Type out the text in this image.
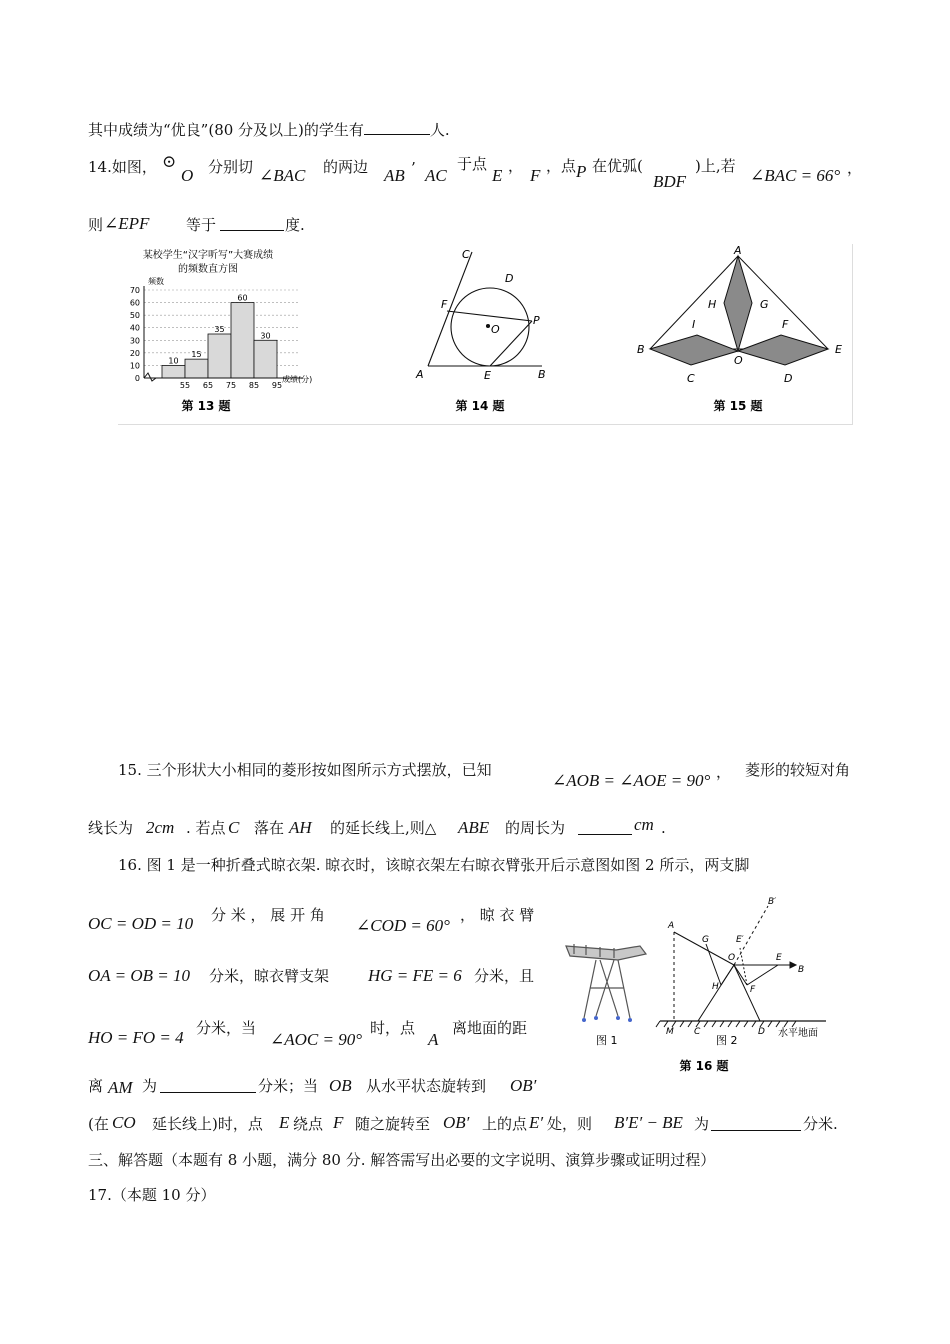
其中成绩为“优良”(80 分及以上)的学生有	人.
14.如图， ⊙
O 分别切 ∠BAC 的两边 AB ’ AC
于点
E ， F ，点 P 在优弧(
BDF
)上,若 ∠BAC = 66° ，
则 ∠EPF 等于	度.
某校学生“汉字听写”大赛成绩
的频数直方图
频数
0
10
20
30
40
50
60
70
10
15
35
60
30
55 65 75 85 95
成绩(分)
第 13 题
A	B
C
D
E
F
O
P
第 14 题
A
B
C	D
E
F
G
H
I
O
第 15 题
15. 三个形状大小相同的菱形按如图所示方式摆放，已知
∠AOB = ∠AOE = 90° ， 菱形的较短对角
线长为 2cm . 若点 C 落在 AH 的延长线上,则△ ABE 的周长为	cm .
16. 图 1 是一种折叠式晾衣架. 晾衣时，该晾衣架左右晾衣臂张开后示意图如图 2 所示，两支脚
OC = OD = 10 分 米 ， 展 开 角
∠COD = 60°
， 晾 衣 臂
OA = OB = 10 分米，晾衣臂支架 HG = FE = 6 分米，且
HO = FO = 4 分米，当
∠AOC = 90°
时，点
A
离地面的距
离 AM 为	分米；当 OB 从水平状态旋转到 OB′
(在 CO 延长线上)时，点 E 绕点 F 随之旋转至 OB′ 上的点 E′ 处，则 B′E′ − BE 为	分米.
图 1
A
B
B′
C	D
E
E′
F
G
H
M
O
图 2
水平地面
第 16 题
三、解答题（本题有 8 小题，满分 80 分. 解答需写出必要的文字说明、演算步骤或证明过程）
17.（本题 10 分）
